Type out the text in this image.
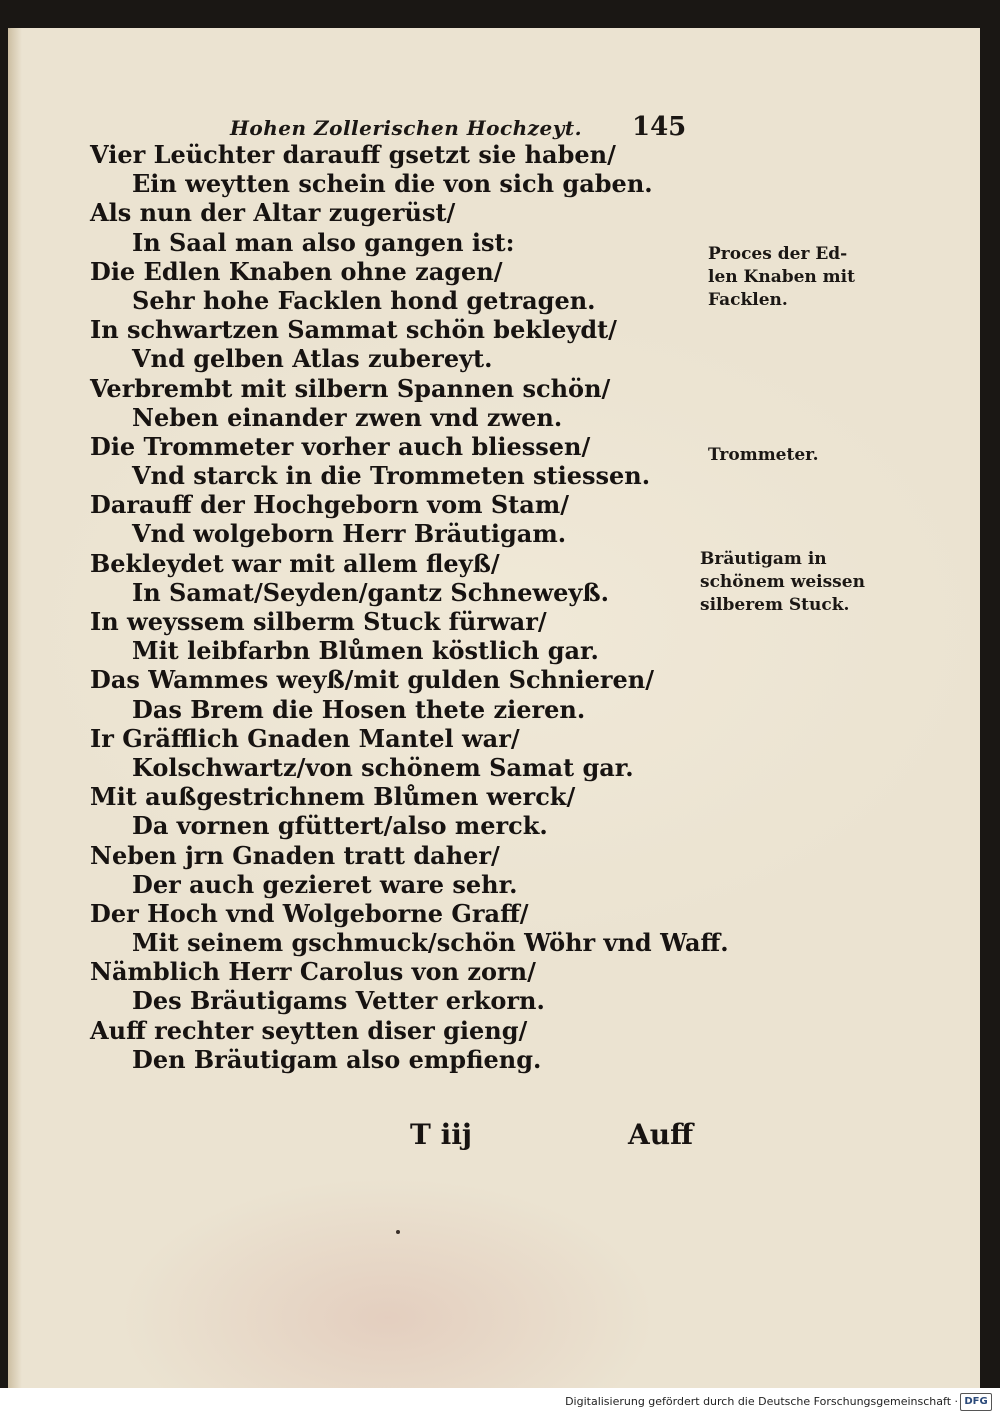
Hohen Zollerischen Hochzeyt. 145
Vier Leüchter darauff gsetzt sie haben/
Ein weytten schein die von sich gaben.
Als nun der Altar zugerüst/
In Saal man also gangen ist:
Die Edlen Knaben ohne zagen/
Sehr hohe Facklen hond getragen.
In schwartzen Sammat schön bekleydt/
Vnd gelben Atlas zubereyt.
Verbrembt mit silbern Spannen schön/
Neben einander zwen vnd zwen.
Die Trommeter vorher auch bliessen/
Vnd starck in die Trommeten stiessen.
Darauff der Hochgeborn vom Stam/
Vnd wolgeborn Herr Bräutigam.
Bekleydet war mit allem fleyß/
In Samat/Seyden/gantz Schneweyß.
In weyssem silberm Stuck fürwar/
Mit leibfarbn Blůmen köstlich gar.
Das Wammes weyß/mit gulden Schnieren/
Das Brem die Hosen thete zieren.
Ir Gräfflich Gnaden Mantel war/
Kolschwartz/von schönem Samat gar.
Mit außgestrichnem Blůmen werck/
Da vornen gfüttert/also merck.
Neben jrn Gnaden tratt daher/
Der auch gezieret ware sehr.
Der Hoch vnd Wolgeborne Graff/
Mit seinem gschmuck/schön Wöhr vnd Waff.
Nämblich Herr Carolus von zorn/
Des Bräutigams Vetter erkorn.
Auff rechter seytten diser gieng/
Den Bräutigam also empfieng.
Proces der Ed-
len Knaben mit
Facklen.
Trommeter.
Bräutigam in
schönem weissen
silberem Stuck.
T iij	Auff
Digitalisierung gefördert durch die Deutsche Forschungsgemeinschaft · DFG
